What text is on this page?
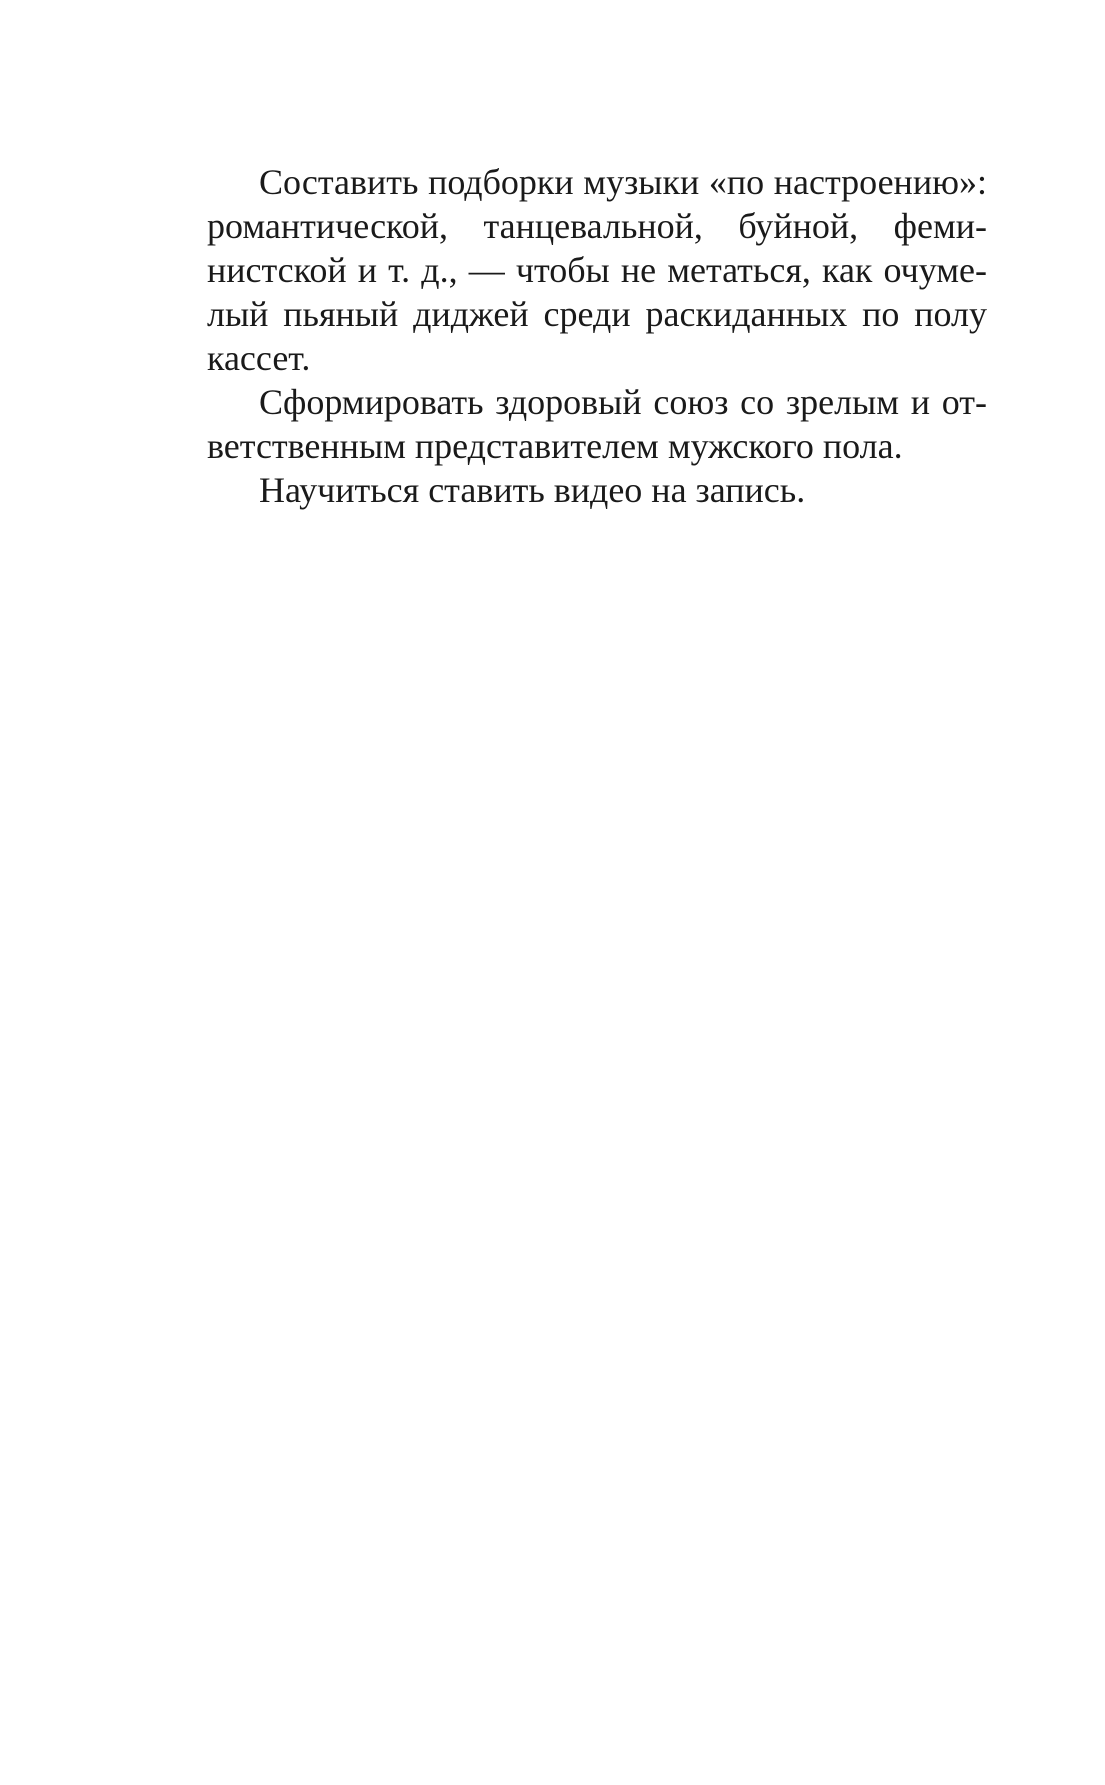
Составить подборки музыки «по настроению»:
романтической, танцевальной, буйной, феми-
нистской и т. д., — чтобы не метаться, как очуме-
лый пьяный диджей среди раскиданных по полу
кассет.

Сформировать здоровый союз со зрелым и от-
ветственным представителем мужского пола.

Научиться ставить видео на запись.
